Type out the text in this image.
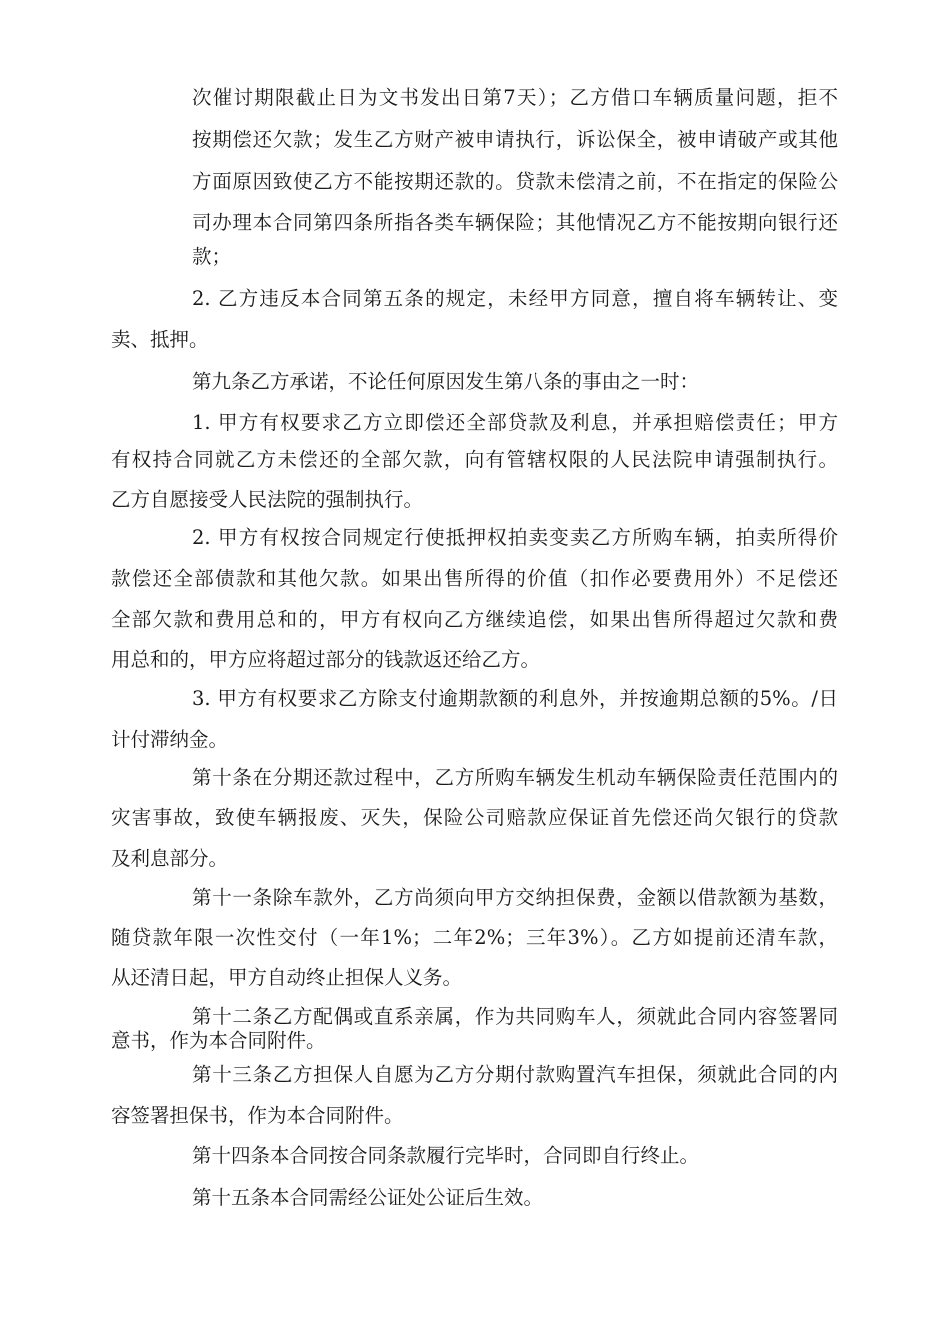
次催讨期限截止日为文书发出日第7天）；乙方借口车辆质量问题，拒不
按期偿还欠款；发生乙方财产被申请执行，诉讼保全，被申请破产或其他
方面原因致使乙方不能按期还款的。贷款未偿清之前，不在指定的保险公
司办理本合同第四条所指各类车辆保险；其他情况乙方不能按期向银行还
款；
2. 乙方违反本合同第五条的规定，未经甲方同意，擅自将车辆转让、变
卖、抵押。
第九条乙方承诺，不论任何原因发生第八条的事由之一时：
1. 甲方有权要求乙方立即偿还全部贷款及利息，并承担赔偿责任；甲方
有权持合同就乙方未偿还的全部欠款，向有管辖权限的人民法院申请强制执行。
乙方自愿接受人民法院的强制执行。
2. 甲方有权按合同规定行使抵押权拍卖变卖乙方所购车辆，拍卖所得价
款偿还全部债款和其他欠款。如果出售所得的价值（扣作必要费用外）不足偿还
全部欠款和费用总和的，甲方有权向乙方继续追偿，如果出售所得超过欠款和费
用总和的，甲方应将超过部分的钱款返还给乙方。
3. 甲方有权要求乙方除支付逾期款额的利息外，并按逾期总额的5%。/日
计付滞纳金。
第十条在分期还款过程中，乙方所购车辆发生机动车辆保险责任范围内的
灾害事故，致使车辆报废、灭失，保险公司赔款应保证首先偿还尚欠银行的贷款
及利息部分。
第十一条除车款外，乙方尚须向甲方交纳担保费，金额以借款额为基数，
随贷款年限一次性交付（一年1%；二年2%；三年3%）。乙方如提前还清车款，
从还清日起，甲方自动终止担保人义务。
第十二条乙方配偶或直系亲属，作为共同购车人，须就此合同内容签署同
意书，作为本合同附件。
第十三条乙方担保人自愿为乙方分期付款购置汽车担保，须就此合同的内
容签署担保书，作为本合同附件。
第十四条本合同按合同条款履行完毕时，合同即自行终止。
第十五条本合同需经公证处公证后生效。
